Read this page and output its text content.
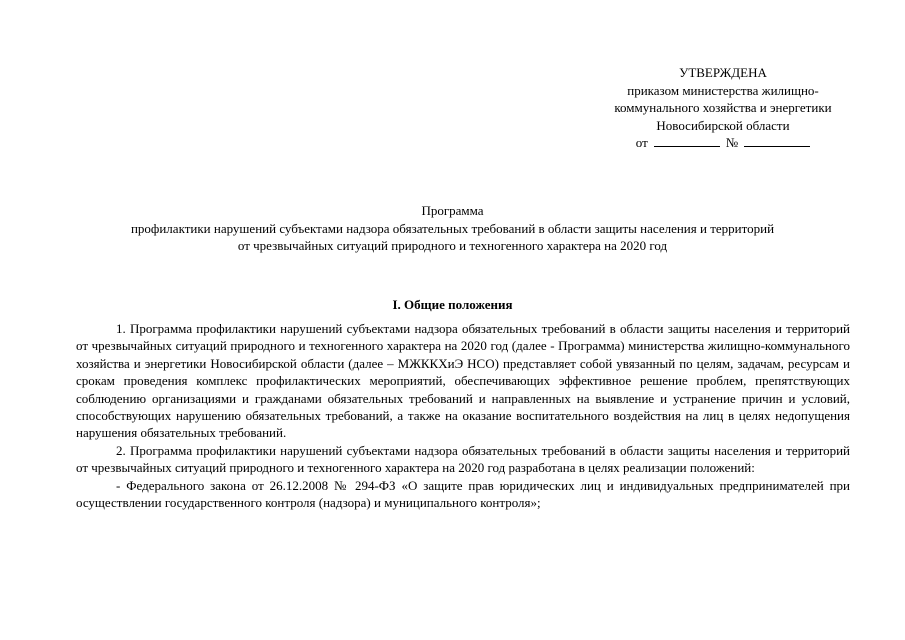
УТВЕРЖДЕНА
приказом министерства жилищно-
коммунального хозяйства и энергетики
Новосибирской области
от	№
Программа
профилактики нарушений субъектами надзора обязательных требований в области защиты населения и территорий
от чрезвычайных ситуаций природного и техногенного характера на 2020 год
I. Общие положения

1. Программа профилактики нарушений субъектами надзора обязательных требований в области защиты населения и территорий от чрезвычайных ситуаций природного и техногенного характера на 2020 год (далее - Программа) министерства жилищно-коммунального хозяйства и энергетики Новосибирской области (далее – МЖККХиЭ НСО) представляет собой увязанный по целям, задачам, ресурсам и срокам проведения комплекс профилактических мероприятий, обеспечивающих эффективное решение проблем, препятствующих соблюдению организациями и гражданами обязательных требований и направленных на выявление и устранение причин и условий, способствующих нарушению обязательных требований, а также на оказание воспитательного воздействия на лиц в целях недопущения нарушения обязательных требований.

2. Программа профилактики нарушений субъектами надзора обязательных требований в области защиты населения и территорий от чрезвычайных ситуаций природного и техногенного характера на 2020 год разработана в целях реализации положений:

- Федерального закона от 26.12.2008 № 294-ФЗ «О защите прав юридических лиц и индивидуальных предпринимателей при осуществлении государственного контроля (надзора) и муниципального контроля»;
